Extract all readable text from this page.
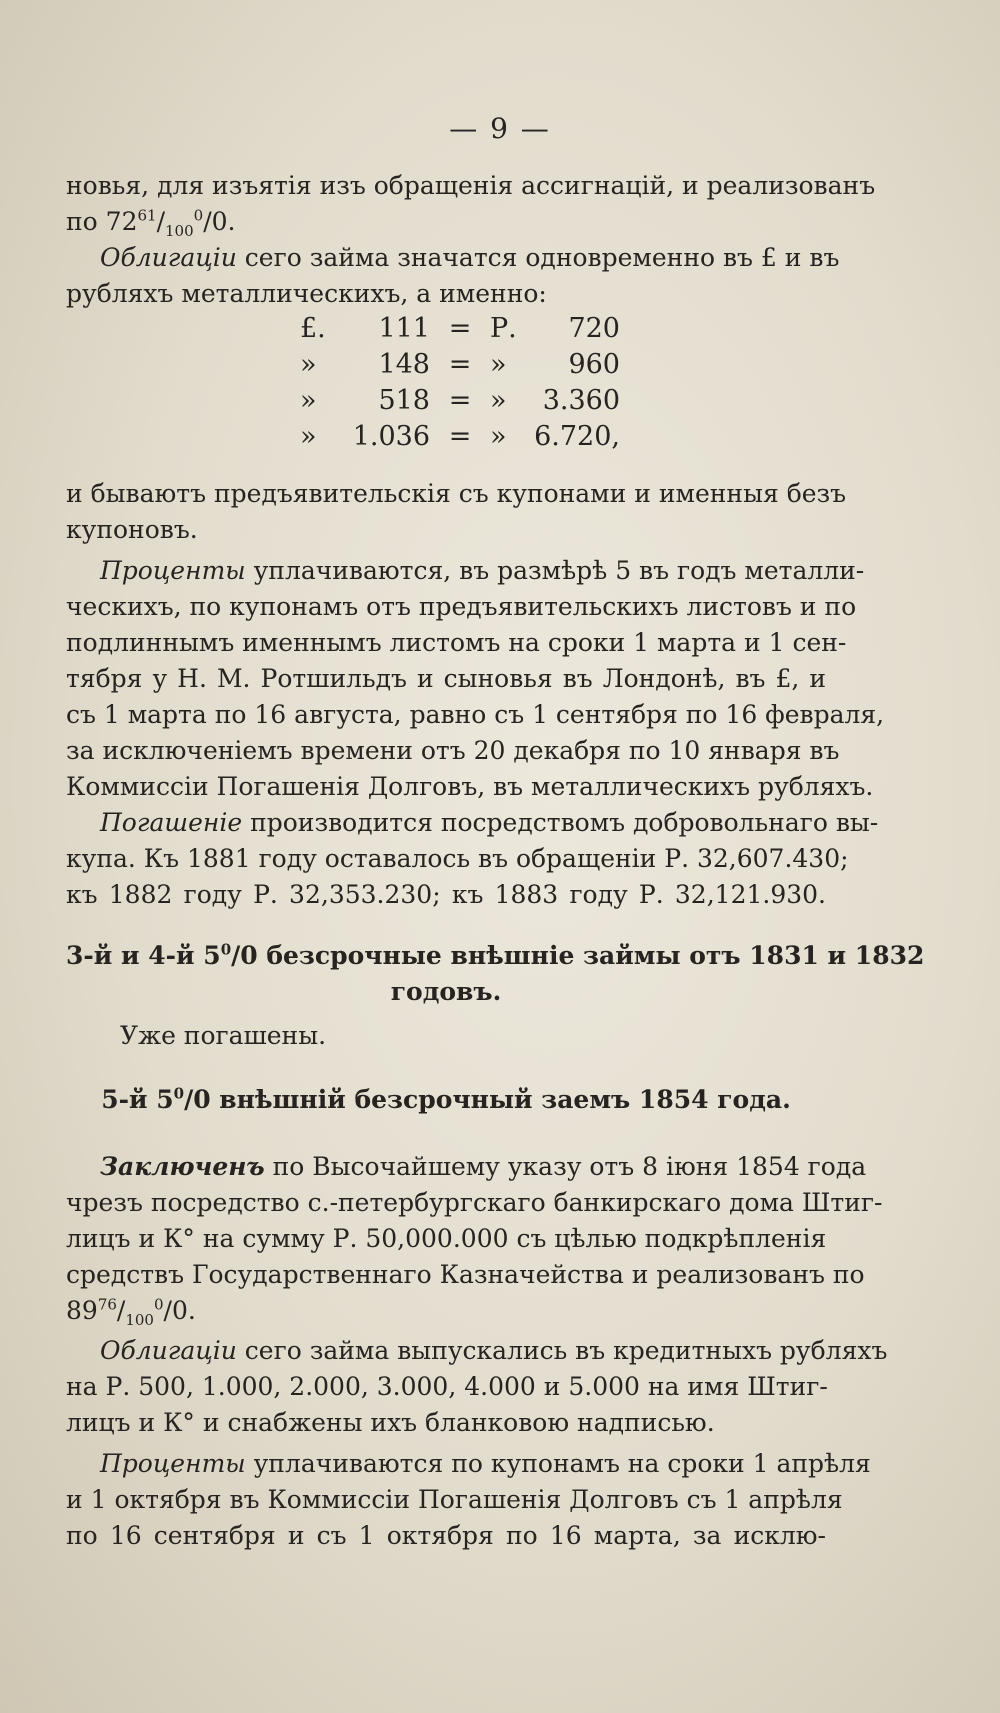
— 9 —
новья, для изъятія изъ обращенія ассигнацій, и реализованъ
по $72^{61}/_{100}^0/0$.
Облигаціи сего займа значатся одновременно въ £ и въ
рубляхъ металлическихъ, а именно:
£.	111 = Р.	720
»	148 = »	960
»	518 = »	3.360
»	1.036 = »	6.720,
и бываютъ предъявительскія съ купонами и именныя безъ
купоновъ.
Проценты уплачиваются, въ размѣрѣ 5 въ годъ металли-
ческихъ, по купонамъ отъ предъявительскихъ листовъ и по
подлиннымъ именнымъ листомъ на сроки 1 марта и 1 сен-
тября у Н. М. Ротшильдъ и сыновья въ Лондонѣ, въ £, и
съ 1 марта по 16 августа, равно съ 1 сентября по 16 февраля,
за исключеніемъ времени отъ 20 декабря по 10 января въ
Коммиссіи Погашенія Долговъ, въ металлическихъ рубляхъ.
Погашеніе производится посредствомъ добровольнаго вы-
купа. Къ 1881 году оставалось въ обращеніи Р. 32,607.430;
къ 1882 году Р. 32,353.230; къ 1883 году Р. 32,121.930.
3-й и 4-й $5^0/0$ безсрочные внѣшніе займы отъ 1831 и 1832
годовъ.
Уже погашены.
5-й $5^0/0$ внѣшній безсрочный заемъ 1854 года.
Заключенъ по Высочайшему указу отъ 8 іюня 1854 года
чрезъ посредство с.-петербургскаго банкирскаго дома Штиг-
лицъ и К° на сумму Р. 50,000.000 съ цѣлью подкрѣпленія
средствъ Государственнаго Казначейства и реализованъ по
$89^{76}/_{100}^0/0$.
Облигаціи сего займа выпускались въ кредитныхъ рубляхъ
на Р. 500, 1.000, 2.000, 3.000, 4.000 и 5.000 на имя Штиг-
лицъ и К° и снабжены ихъ бланковою надписью.
Проценты уплачиваются по купонамъ на сроки 1 апрѣля
и 1 октября въ Коммиссіи Погашенія Долговъ съ 1 апрѣля
по 16 сентября и съ 1 октября по 16 марта, за исклю-
